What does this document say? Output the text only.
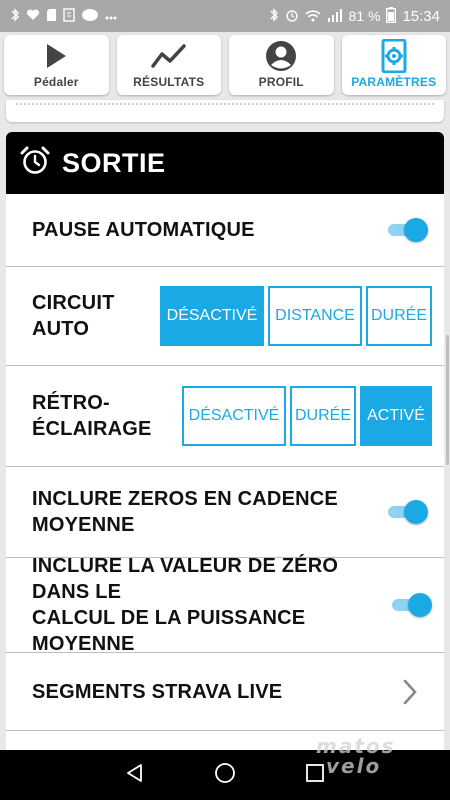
81 % 15:34
Pédaler	RÉSULTATS	PROFIL	PARAMÈTRES
SORTIE
PAUSE AUTOMATIQUE
CIRCUIT AUTO
DÉSACTIVÉ	DISTANCE	DURÉE
RÉTRO-
ÉCLAIRAGE
DÉSACTIVÉ DURÉE	ACTIVÉ
INCLURE ZEROS EN CADENCE
MOYENNE
INCLURE LA VALEUR DE ZÉRO DANS LE
CALCUL DE LA PUISSANCE MOYENNE
SEGMENTS STRAVA LIVE
matos
velo
